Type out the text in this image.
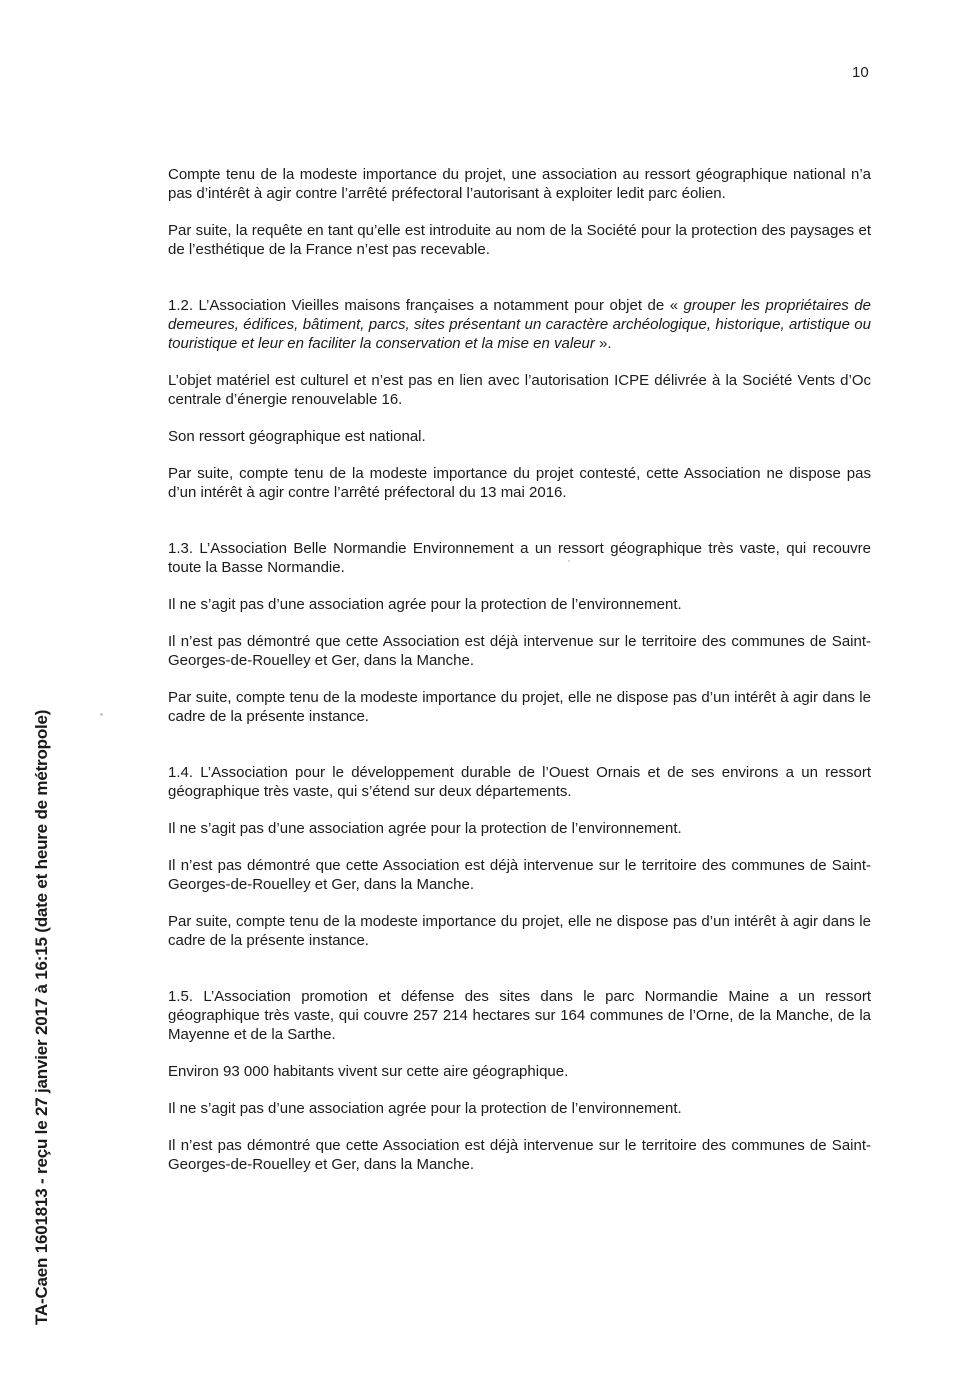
10
TA-Caen 1601813 - reçu le 27 janvier 2017 à 16:15 (date et heure de métropole)

Compte tenu de la modeste importance du projet, une association au ressort géographique national n’a pas d’intérêt à agir contre l’arrêté préfectoral l’autorisant à exploiter ledit parc éolien.

Par suite, la requête en tant qu’elle est introduite au nom de la Société pour la protection des paysages et de l’esthétique de la France n’est pas recevable.

1.2. L’Association Vieilles maisons françaises a notamment pour objet de « grouper les propriétaires de demeures, édifices, bâtiment, parcs, sites présentant un caractère archéologique, historique, artistique ou touristique et leur en faciliter la conservation et la mise en valeur ».

L’objet matériel est culturel et n’est pas en lien avec l’autorisation ICPE délivrée à la Société Vents d’Oc centrale d’énergie renouvelable 16.

Son ressort géographique est national.

Par suite, compte tenu de la modeste importance du projet contesté, cette Association ne dispose pas d’un intérêt à agir contre l’arrêté préfectoral du 13 mai 2016.

1.3. L’Association Belle Normandie Environnement a un ressort géographique très vaste, qui recouvre toute la Basse Normandie.

Il ne s’agit pas d’une association agrée pour la protection de l’environnement.

Il n’est pas démontré que cette Association est déjà intervenue sur le territoire des communes de Saint-Georges-de-Rouelley et Ger, dans la Manche.

Par suite, compte tenu de la modeste importance du projet, elle ne dispose pas d’un intérêt à agir dans le cadre de la présente instance.

1.4. L’Association pour le développement durable de l’Ouest Ornais et de ses environs a un ressort géographique très vaste, qui s’étend sur deux départements.

Il ne s’agit pas d’une association agrée pour la protection de l’environnement.

Il n’est pas démontré que cette Association est déjà intervenue sur le territoire des communes de Saint-Georges-de-Rouelley et Ger, dans la Manche.

Par suite, compte tenu de la modeste importance du projet, elle ne dispose pas d’un intérêt à agir dans le cadre de la présente instance.

1.5. L’Association promotion et défense des sites dans le parc Normandie Maine a un ressort géographique très vaste, qui couvre 257 214 hectares sur 164 communes de l’Orne, de la Manche, de la Mayenne et de la Sarthe.

Environ 93 000 habitants vivent sur cette aire géographique.

Il ne s’agit pas d’une association agrée pour la protection de l’environnement.

Il n’est pas démontré que cette Association est déjà intervenue sur le territoire des communes de Saint-Georges-de-Rouelley et Ger, dans la Manche.
